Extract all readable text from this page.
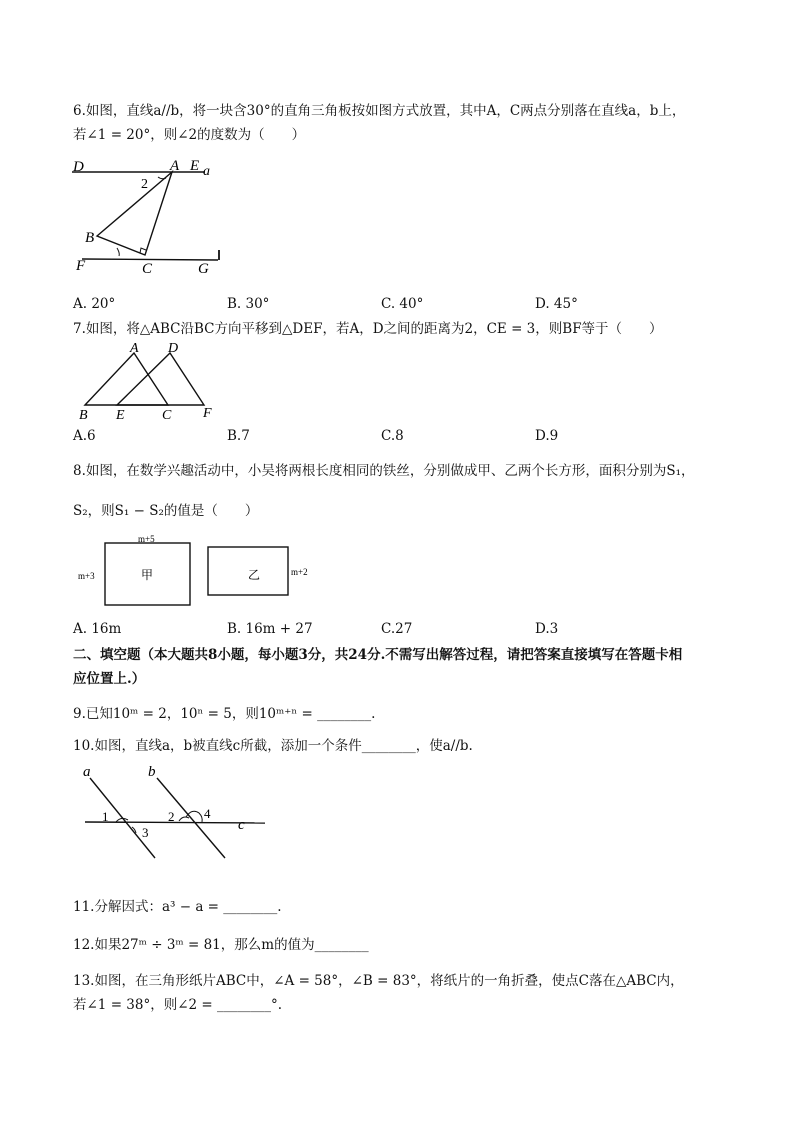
6.如图，直线a//b，将一块含30°的直角三角板按如图方式放置，其中A，C两点分别落在直线a，b上，
若∠1 = 20°，则∠2的度数为（　　）
D	A E a
2
B
F	C	G
A. 20°	B. 30°	C. 40°	D. 45°
7.如图，将△ABC沿BC方向平移到△DEF，若A，D之间的距离为2，CE = 3，则BF等于（　　）
A D
B E	C F
A.6	B.7	C.8	D.9
8.如图，在数学兴趣活动中，小吴将两根长度相同的铁丝，分别做成甲、乙两个长方形，面积分别为S₁，
S₂，则S₁ − S₂的值是（　　）
m+5
m+3	甲	乙	m+2
A. 16m	B. 16m + 27	C.27	D.3
二、填空题（本大题共8小题，每小题3分，共24分.不需写出解答过程，请把答案直接填写在答题卡相
应位置上.）
9.已知10ᵐ = 2，10ⁿ = 5，则10ᵐ⁺ⁿ = ________.
10.如图，直线a，b被直线c所截，添加一个条件________，使a//b.
a	b
c
1	2
3
4
11.分解因式：a³ − a = ________.
12.如果27ᵐ ÷ 3ᵐ = 81，那么m的值为________
13.如图，在三角形纸片ABC中，∠A = 58°，∠B = 83°，将纸片的一角折叠，使点C落在△ABC内，
若∠1 = 38°，则∠2 = ________°.
